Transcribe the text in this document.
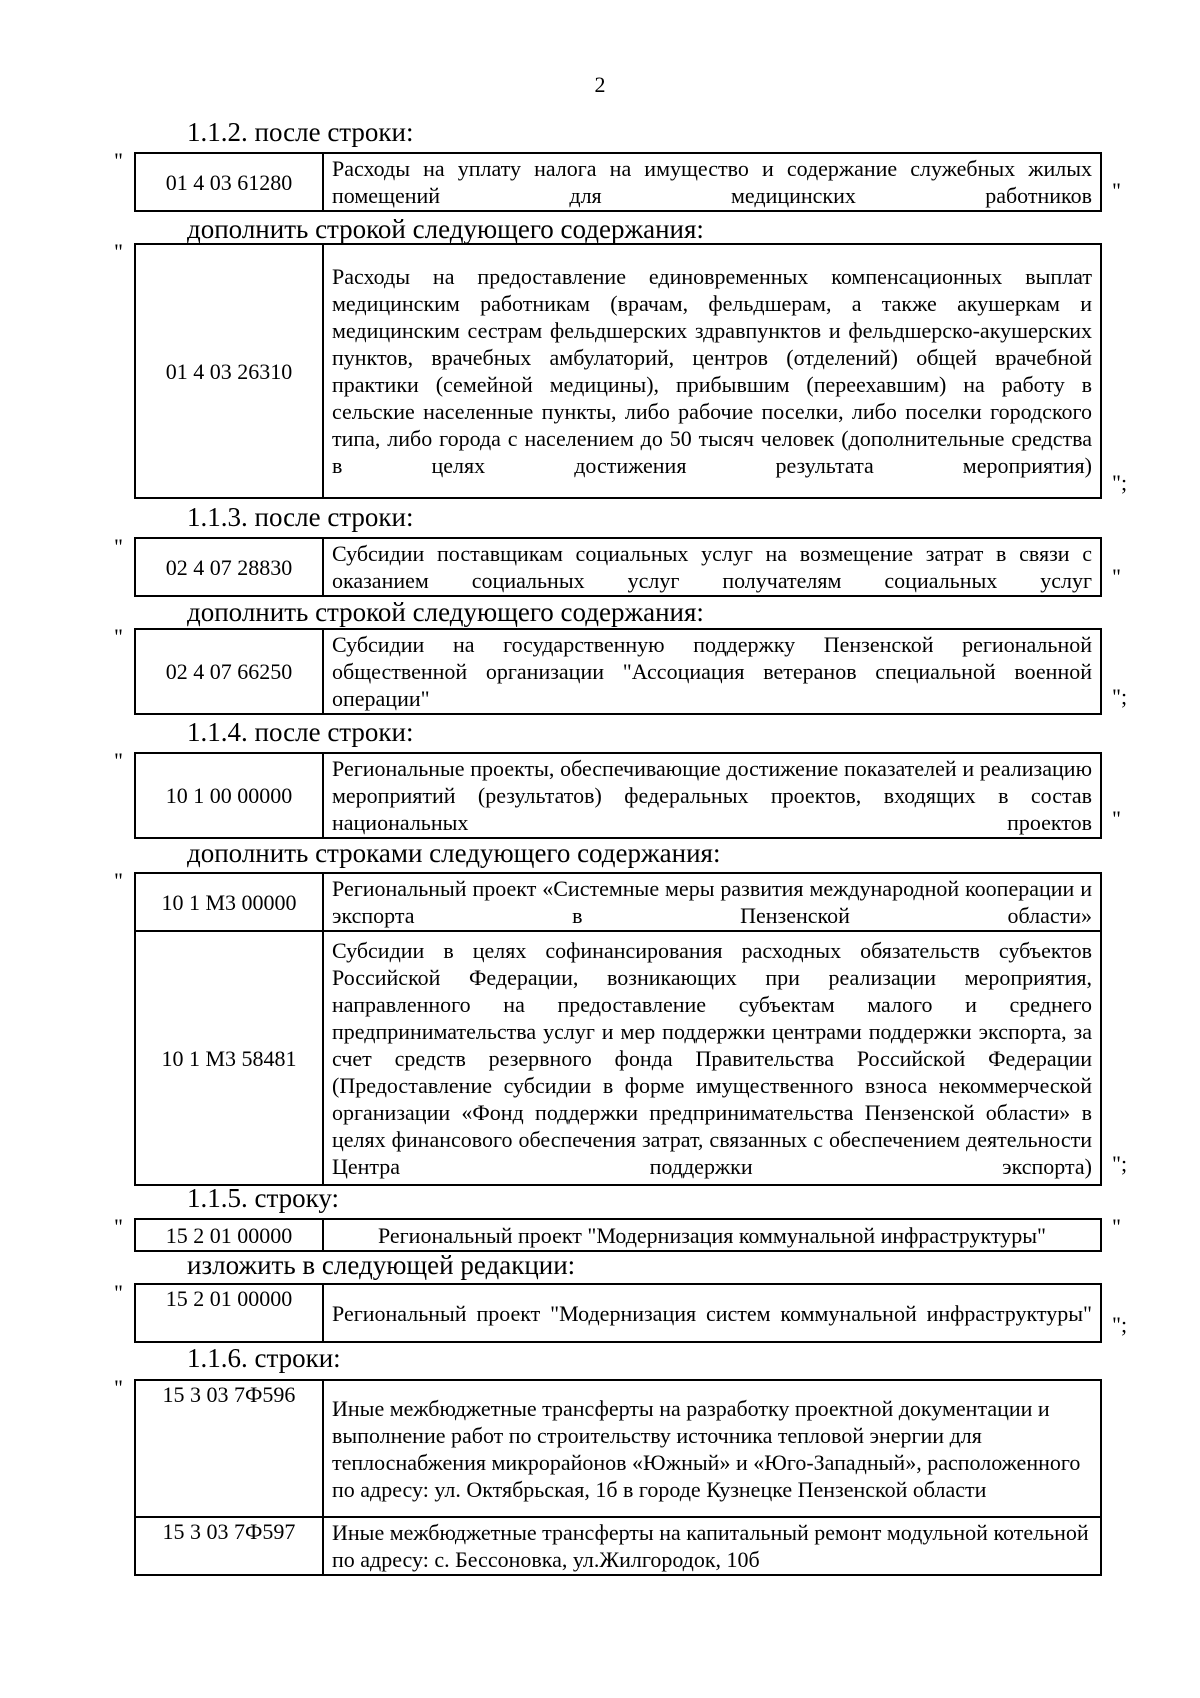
2
1.1.2. после строки:
"
01 4 03 61280	Расходы на уплату налога на имущество и содержание служебных жилых помещений для медицинских работников "
дополнить строкой следующего содержания:
"
01 4 03 26310	Расходы на предоставление единовременных компенсационных выплат медицинским работникам (врачам, фельдшерам, а также акушеркам и медицинским сестрам фельдшерских здравпунктов и фельдшерско-акушерских пунктов, врачебных амбулаторий, центров (отделений) общей врачебной практики (семейной медицины), прибывшим (переехавшим) на работу в сельские населенные пункты, либо рабочие поселки, либо поселки городского типа, либо города с населением до 50 тысяч человек (дополнительные средства в целях достижения результата мероприятия)
";
1.1.3. после строки:
"
02 4 07 28830	Субсидии поставщикам социальных услуг на возмещение затрат в связи с оказанием социальных услуг получателям социальных услуг "
дополнить строкой следующего содержания:
"
02 4 07 66250	Субсидии на государственную поддержку Пензенской региональной общественной организации "Ассоциация ветеранов специальной военной операции"	";
1.1.4. после строки:
"
10 1 00 00000	Региональные проекты, обеспечивающие достижение показателей и реализацию мероприятий (результатов) федеральных проектов, входящих в состав национальных проектов "
дополнить строками следующего содержания:
"
10 1 М3 00000	Региональный проект «Системные меры развития международной кооперации и экспорта в Пензенской области»
10 1 М3 58481	Субсидии в целях софинансирования расходных обязательств субъектов Российской Федерации, возникающих при реализации мероприятия, направленного на предоставление субъектам малого и среднего предпринимательства услуг и мер поддержки центрами поддержки экспорта, за счет средств резервного фонда Правительства Российской Федерации (Предоставление субсидии в форме имущественного взноса некоммерческой организации «Фонд поддержки предпринимательства Пензенской области» в целях финансового обеспечения затрат, связанных с обеспечением деятельности Центра поддержки экспорта) ";
1.1.5. строку:
" 15 2 01 00000	Региональный проект "Модернизация коммунальной инфраструктуры"	"
изложить в следующей редакции:
" 15 2 01 00000	Региональный проект "Модернизация систем коммунальной инфраструктуры" ";
1.1.6. строки:
" 15 3 03 7Ф596	Иные межбюджетные трансферты на разработку проектной документации и выполнение работ по строительству источника тепловой энергии для теплоснабжения микрорайонов «Южный» и «Юго-Западный», расположенного по адресу: ул. Октябрьская, 1б в городе Кузнецке Пензенской области
15 3 03 7Ф597	Иные межбюджетные трансферты на капитальный ремонт модульной котельной по адресу: с. Бессоновка, ул.Жилгородок, 10б
